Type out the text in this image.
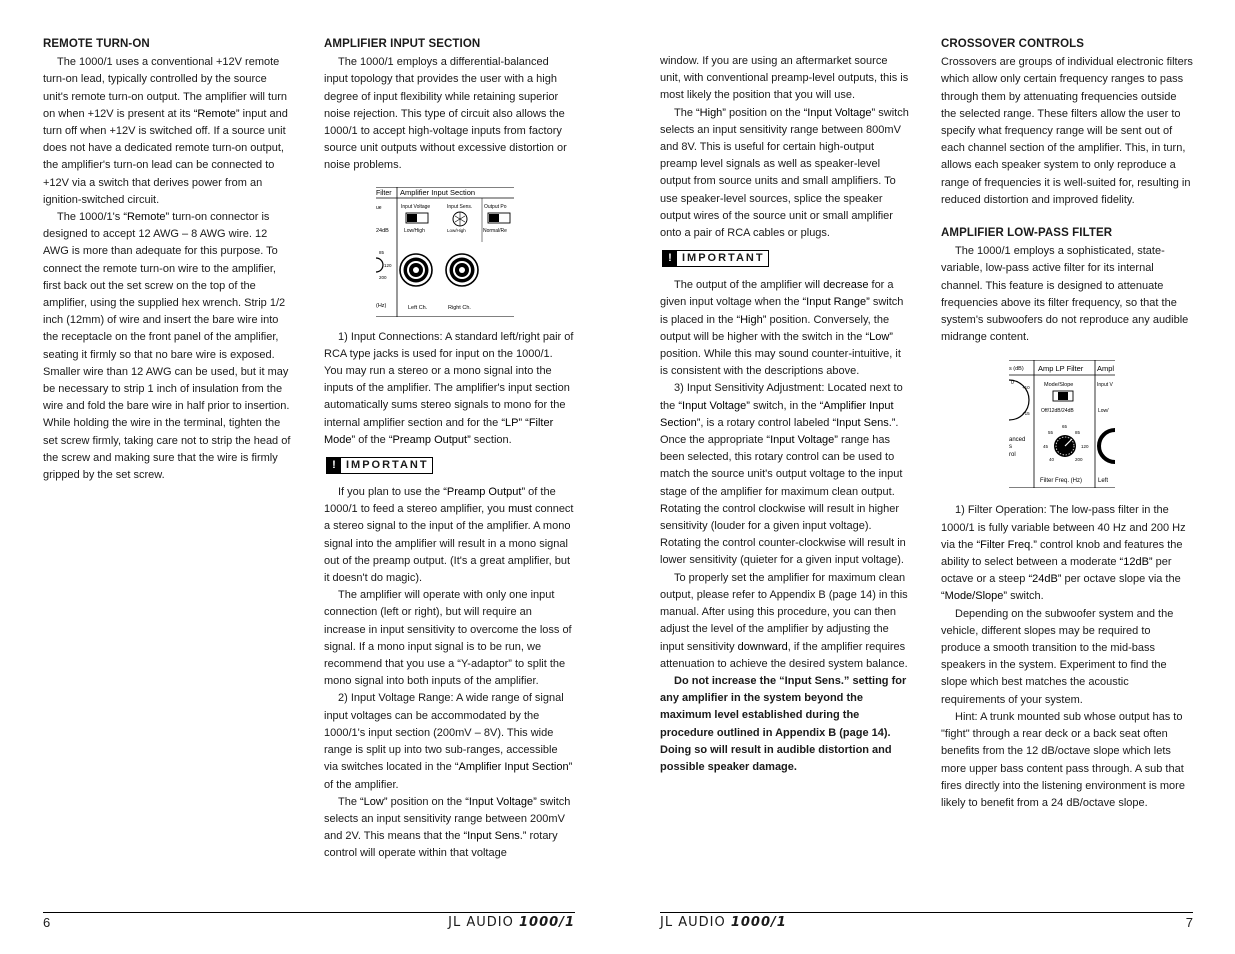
REMOTE TURN-ON

The 1000/1 uses a conventional +12V remote turn-on lead, typically controlled by the source unit's remote turn-on output. The amplifier will turn on when +12V is present at its “Remote” input and turn off when +12V is switched off. If a source unit does not have a dedicated remote turn-on output, the amplifier's turn-on lead can be connected to +12V via a switch that derives power from an ignition-switched circuit.

The 1000/1's “Remote” turn-on connector is designed to accept 12 AWG – 8 AWG wire. 12 AWG is more than adequate for this purpose. To connect the remote turn-on wire to the amplifier, first back out the set screw on the top of the amplifier, using the supplied hex wrench. Strip 1/2 inch (12mm) of wire and insert the bare wire into the receptacle on the front panel of the amplifier, seating it firmly so that no bare wire is exposed. Smaller wire than 12 AWG can be used, but it may be necessary to strip 1 inch of insulation from the wire and fold the bare wire in half prior to insertion. While holding the wire in the terminal, tighten the set screw firmly, taking care not to strip the head of the screw and making sure that the wire is firmly gripped by the set screw.

AMPLIFIER INPUT SECTION

The 1000/1 employs a differential-balanced input topology that provides the user with a high degree of input flexibility while retaining superior noise rejection. This type of circuit also allows the 1000/1 to accept high-voltage inputs from factory source unit outputs without excessive distortion or noise problems.

Filter Amplifier Input Section
ue
24dB
Input Voltage
Low/High
Input Sens.
Low/High
Output Po
Normal/Re
85
120
200
(Hz)	Left Ch.	Right Ch.

1) Input Connections: A standard left/right pair of RCA type jacks is used for input on the 1000/1. You may run a stereo or a mono signal into the inputs of the amplifier. The amplifier's input section automatically sums stereo signals to mono for the internal amplifier section and for the “LP” “Filter Mode” of the “Preamp Output” section.

! IMPORTANT

If you plan to use the “Preamp Output” of the 1000/1 to feed a stereo amplifier, you must connect a stereo signal to the input of the amplifier. A mono signal into the amplifier will result in a mono signal out of the preamp output. (It's a great amplifier, but it doesn't do magic).

The amplifier will operate with only one input connection (left or right), but will require an increase in input sensitivity to overcome the loss of signal. If a mono input signal is to be run, we recommend that you use a “Y-adaptor” to split the mono signal into both inputs of the amplifier.

2) Input Voltage Range: A wide range of signal input voltages can be accommodated by the 1000/1's input section (200mV – 8V). This wide range is split up into two sub-ranges, accessible via switches located in the “Amplifier Input Section” of the amplifier.

The “Low” position on the “Input Voltage” switch selects an input sensitivity range between 200mV and 2V. This means that the “Input Sens.” rotary control will operate within that voltage

window. If you are using an aftermarket source unit, with conventional preamp-level outputs, this is most likely the position that you will use.

The “High” position on the “Input Voltage” switch selects an input sensitivity range between 800mV and 8V. This is useful for certain high-output preamp level signals as well as speaker-level output from source units and small amplifiers. To use speaker-level sources, splice the speaker output wires of the source unit or small amplifier onto a pair of RCA cables or plugs.

! IMPORTANT

The output of the amplifier will decrease for a given input voltage when the “Input Range” switch is placed in the “High” position. Conversely, the output will be higher with the switch in the “Low” position. While this may sound counter-intuitive, it is consistent with the descriptions above.

3) Input Sensitivity Adjustment: Located next to the “Input Voltage” switch, in the “Amplifier Input Section”, is a rotary control labeled “Input Sens.”. Once the appropriate “Input Voltage” range has been selected, this rotary control can be used to match the source unit's output voltage to the input stage of the amplifier for maximum clean output. Rotating the control clockwise will result in higher sensitivity (louder for a given input voltage). Rotating the control counter-clockwise will result in lower sensitivity (quieter for a given input voltage).

To properly set the amplifier for maximum clean output, please refer to Appendix B (page 14) in this manual. After using this procedure, you can then adjust the level of the amplifier by adjusting the input sensitivity downward, if the amplifier requires attenuation to achieve the desired system balance.

Do not increase the “Input Sens.” setting for any amplifier in the system beyond the maximum level established during the procedure outlined in Appendix B (page 14). Doing so will result in audible distortion and possible speaker damage.

CROSSOVER CONTROLS

Crossovers are groups of individual electronic filters which allow only certain frequency ranges to pass through them by attenuating frequencies outside the selected range. These filters allow the user to specify what frequency range will be sent out of each channel section of the amplifier. This, in turn, allows each speaker system to only reproduce a range of frequencies it is well-suited for, resulting in reduced distortion and improved fidelity.

AMPLIFIER LOW-PASS FILTER

The 1000/1 employs a sophisticated, state-variable, low-pass active filter for its internal channel. This feature is designed to attenuate frequencies above its filter frequency, so that the system's subwoofers do not reproduce any audible midrange content.

s (dB) Amp LP Filter Ampl
0
+10
+15
Mode/Slope
Off/12dB/24dB
Input V
Low/
anced
s
rol
65
85
55
120
45
40	200
Filter Freq. (Hz)	Left

1) Filter Operation: The low-pass filter in the 1000/1 is fully variable between 40 Hz and 200 Hz via the “Filter Freq.” control knob and features the ability to select between a moderate “12dB” per octave or a steep “24dB” per octave slope via the “Mode/Slope” switch.

Depending on the subwoofer system and the vehicle, different slopes may be required to produce a smooth transition to the mid-bass speakers in the system. Experiment to find the slope which best matches the acoustic requirements of your system.

Hint: A trunk mounted sub whose output has to "fight" through a rear deck or a back seat often benefits from the 12 dB/octave slope which lets more upper bass content pass through. A sub that fires directly into the listening environment is more likely to benefit from a 24 dB/octave slope.

6	JL AUDIO 1000/1	JL AUDIO 1000/1	7
